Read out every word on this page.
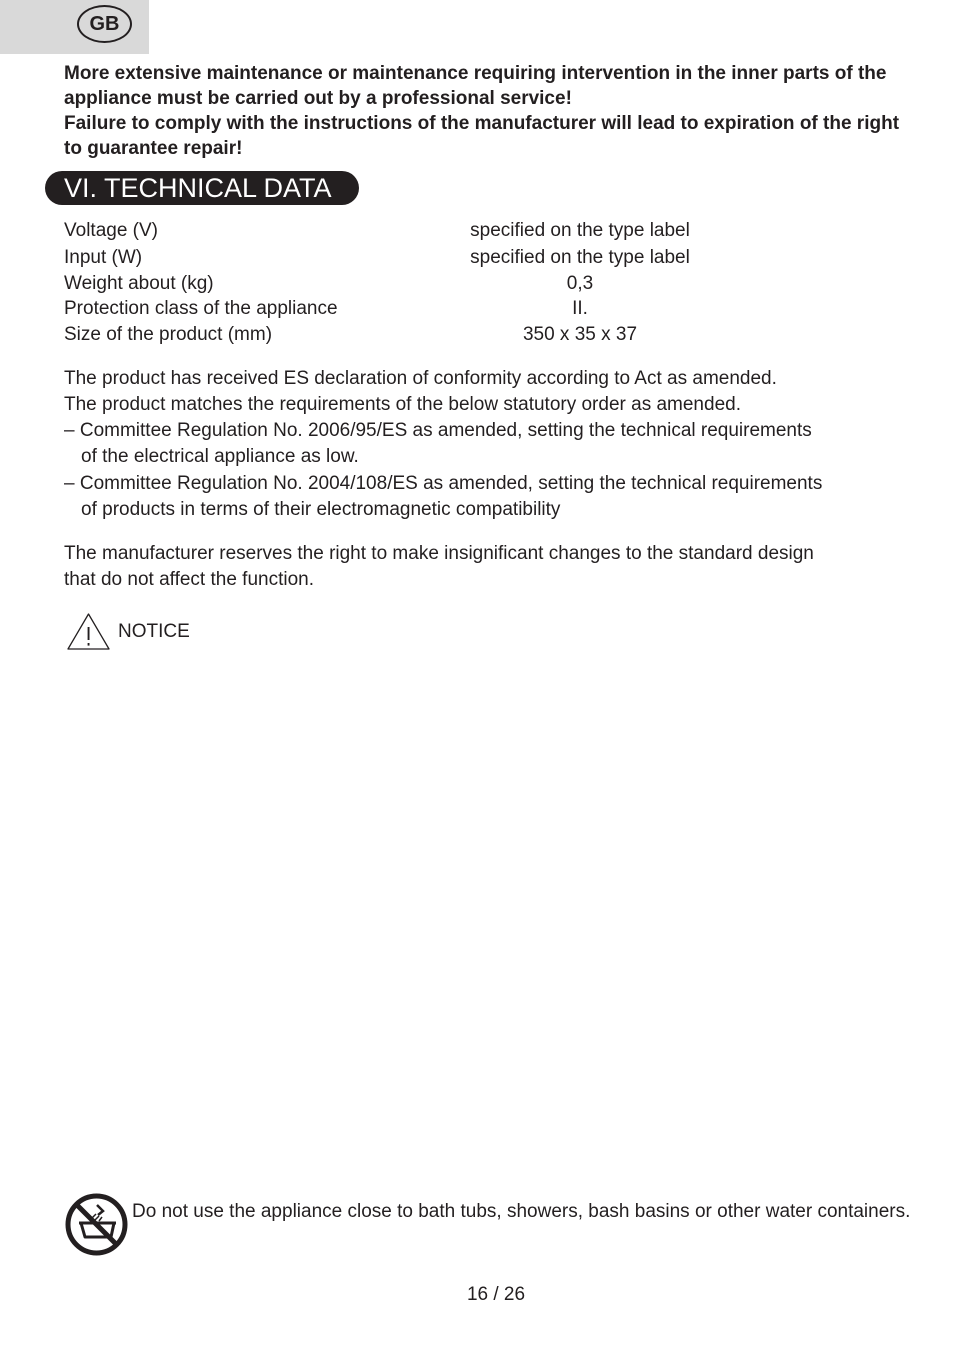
GB
More extensive maintenance or maintenance requiring intervention in the inner parts of the appliance must be carried out by a professional service!
Failure to comply with the instructions of the manufacturer will lead to expiration of the right to guarantee repair!
VI. TECHNICAL DATA
Voltage (V)	specified on the type label
Input (W)	specified on the type label
Weight about (kg)	0,3
Protection class of the appliance	II.
Size of the product (mm)	350 x 35 x 37
The product has received ES declaration of conformity according to Act as amended.
The product matches the requirements of the below statutory order as amended.
– Committee Regulation No. 2006/95/ES as amended, setting the technical requirements
of the electrical appliance as low.
– Committee Regulation No. 2004/108/ES as amended, setting the technical requirements
of products in terms of their electromagnetic compatibility
The manufacturer reserves the right to make insignificant changes to the standard design
that do not affect the function.
NOTICE
Do not use the appliance close to bath tubs, showers, bash basins or other water containers.
16 / 26
